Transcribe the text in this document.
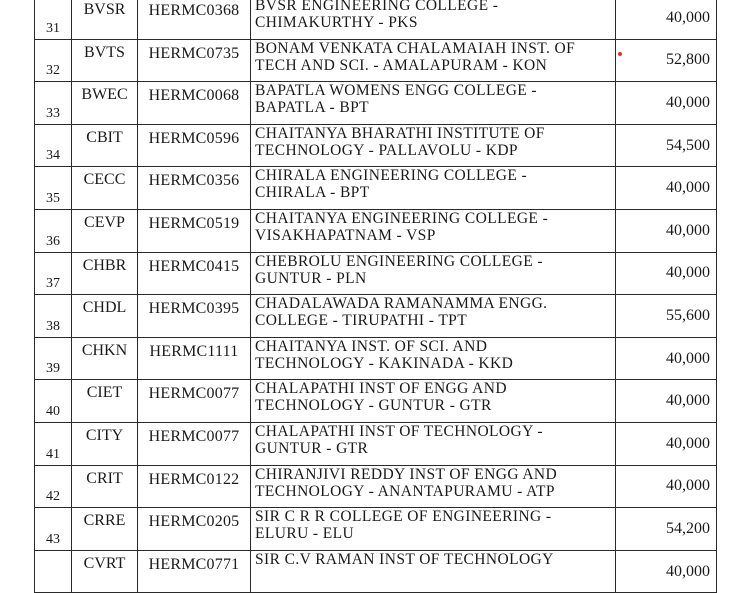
31	BVSR	HERMC0368	BVSR ENGINEERING COLLEGE -
CHIMAKURTHY - PKS	40,000
32	BVTS	HERMC0735	BONAM VENKATA CHALAMAIAH INST. OF
TECH AND SCI. - AMALAPURAM - KON	52,800
33	BWEC	HERMC0068	BAPATLA WOMENS ENGG COLLEGE -
BAPATLA - BPT	40,000
34	CBIT	HERMC0596	CHAITANYA BHARATHI INSTITUTE OF
TECHNOLOGY - PALLAVOLU - KDP	54,500
35	CECC	HERMC0356	CHIRALA ENGINEERING COLLEGE -
CHIRALA - BPT	40,000
36	CEVP	HERMC0519	CHAITANYA ENGINEERING COLLEGE -
VISAKHAPATNAM - VSP	40,000
37	CHBR	HERMC0415	CHEBROLU ENGINEERING COLLEGE -
GUNTUR - PLN	40,000
38	CHDL	HERMC0395	CHADALAWADA RAMANAMMA ENGG.
COLLEGE - TIRUPATHI - TPT	55,600
39	CHKN	HERMC1111	CHAITANYA INST. OF SCI. AND
TECHNOLOGY - KAKINADA - KKD	40,000
40	CIET	HERMC0077	CHALAPATHI INST OF ENGG AND
TECHNOLOGY - GUNTUR - GTR	40,000
41	CITY	HERMC0077	CHALAPATHI INST OF TECHNOLOGY -
GUNTUR - GTR	40,000
42	CRIT	HERMC0122	CHIRANJIVI REDDY INST OF ENGG AND
TECHNOLOGY - ANANTAPURAMU - ATP	40,000
43	CRRE	HERMC0205	SIR C R R COLLEGE OF ENGINEERING -
ELURU - ELU	54,200
	CVRT	HERMC0771	SIR C.V RAMAN INST OF TECHNOLOGY	40,000
